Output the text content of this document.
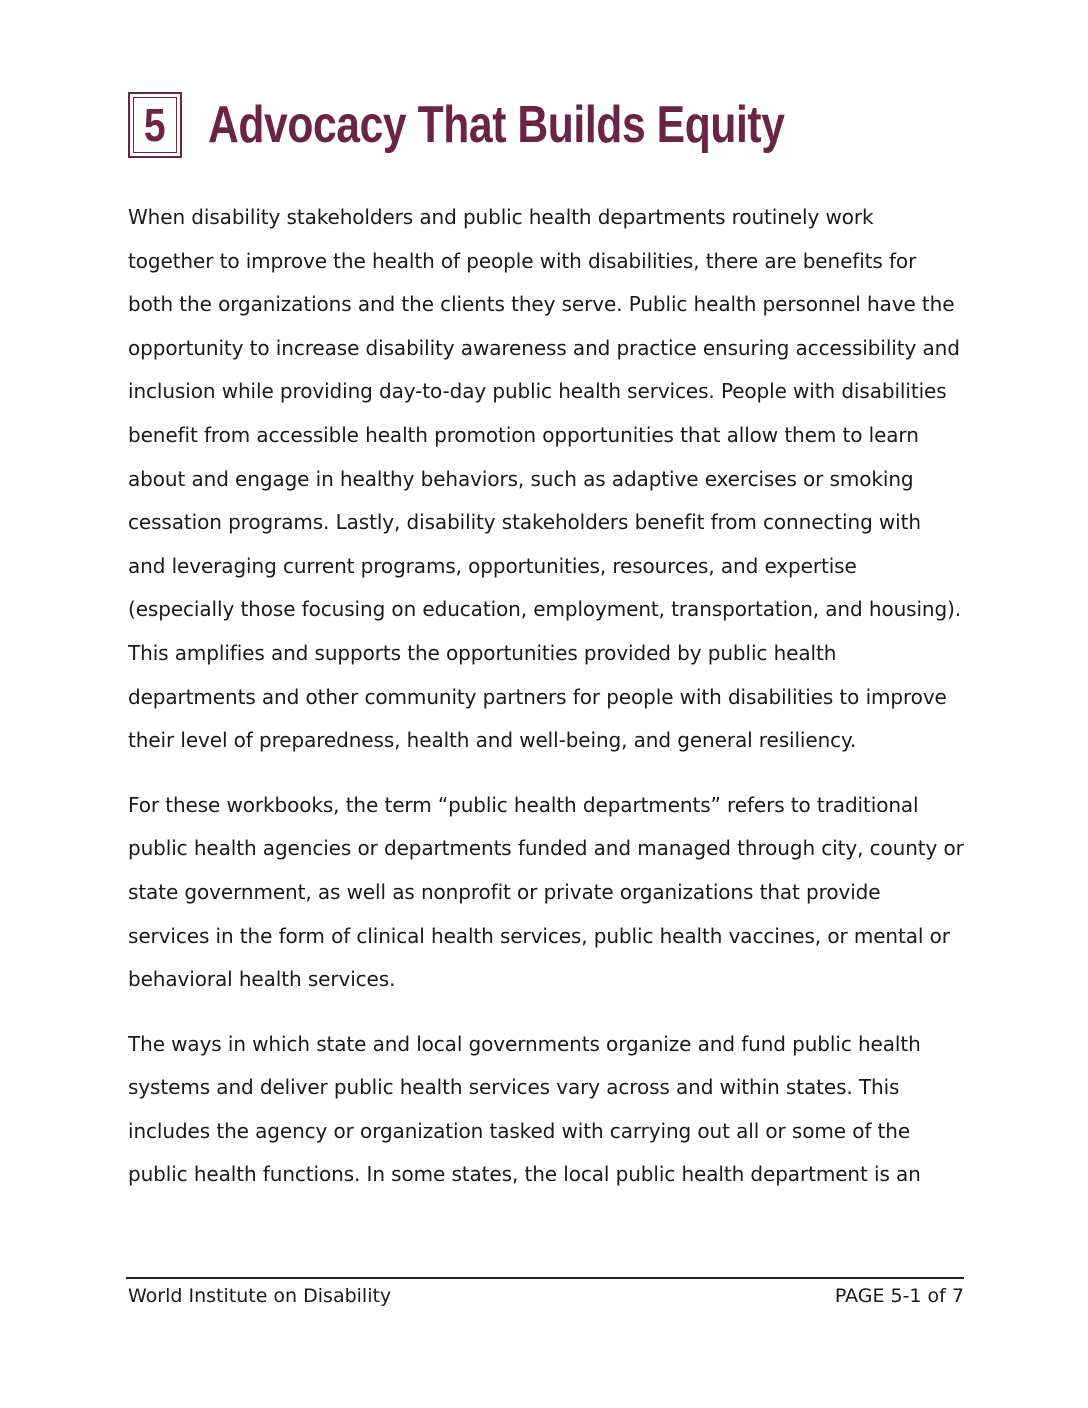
5 Advocacy That Builds Equity

When disability stakeholders and public health departments routinely work together to improve the health of people with disabilities, there are benefits for both the organizations and the clients they serve. Public health personnel have the opportunity to increase disability awareness and practice ensuring accessibility and inclusion while providing day-to-day public health services. People with disabilities benefit from accessible health promotion opportunities that allow them to learn about and engage in healthy behaviors, such as adaptive exercises or smoking cessation programs. Lastly, disability stakeholders benefit from connecting with and leveraging current programs, opportunities, resources, and expertise (especially those focusing on education, employment, transportation, and housing). This amplifies and supports the opportunities provided by public health departments and other community partners for people with disabilities to improve their level of preparedness, health and well-being, and general resiliency.

For these workbooks, the term “public health departments” refers to traditional public health agencies or departments funded and managed through city, county or state government, as well as nonprofit or private organizations that provide services in the form of clinical health services, public health vaccines, or mental or behavioral health services.

The ways in which state and local governments organize and fund public health systems and deliver public health services vary across and within states. This includes the agency or organization tasked with carrying out all or some of the public health functions. In some states, the local public health department is an

World Institute on Disability	PAGE 5-1 of 7
